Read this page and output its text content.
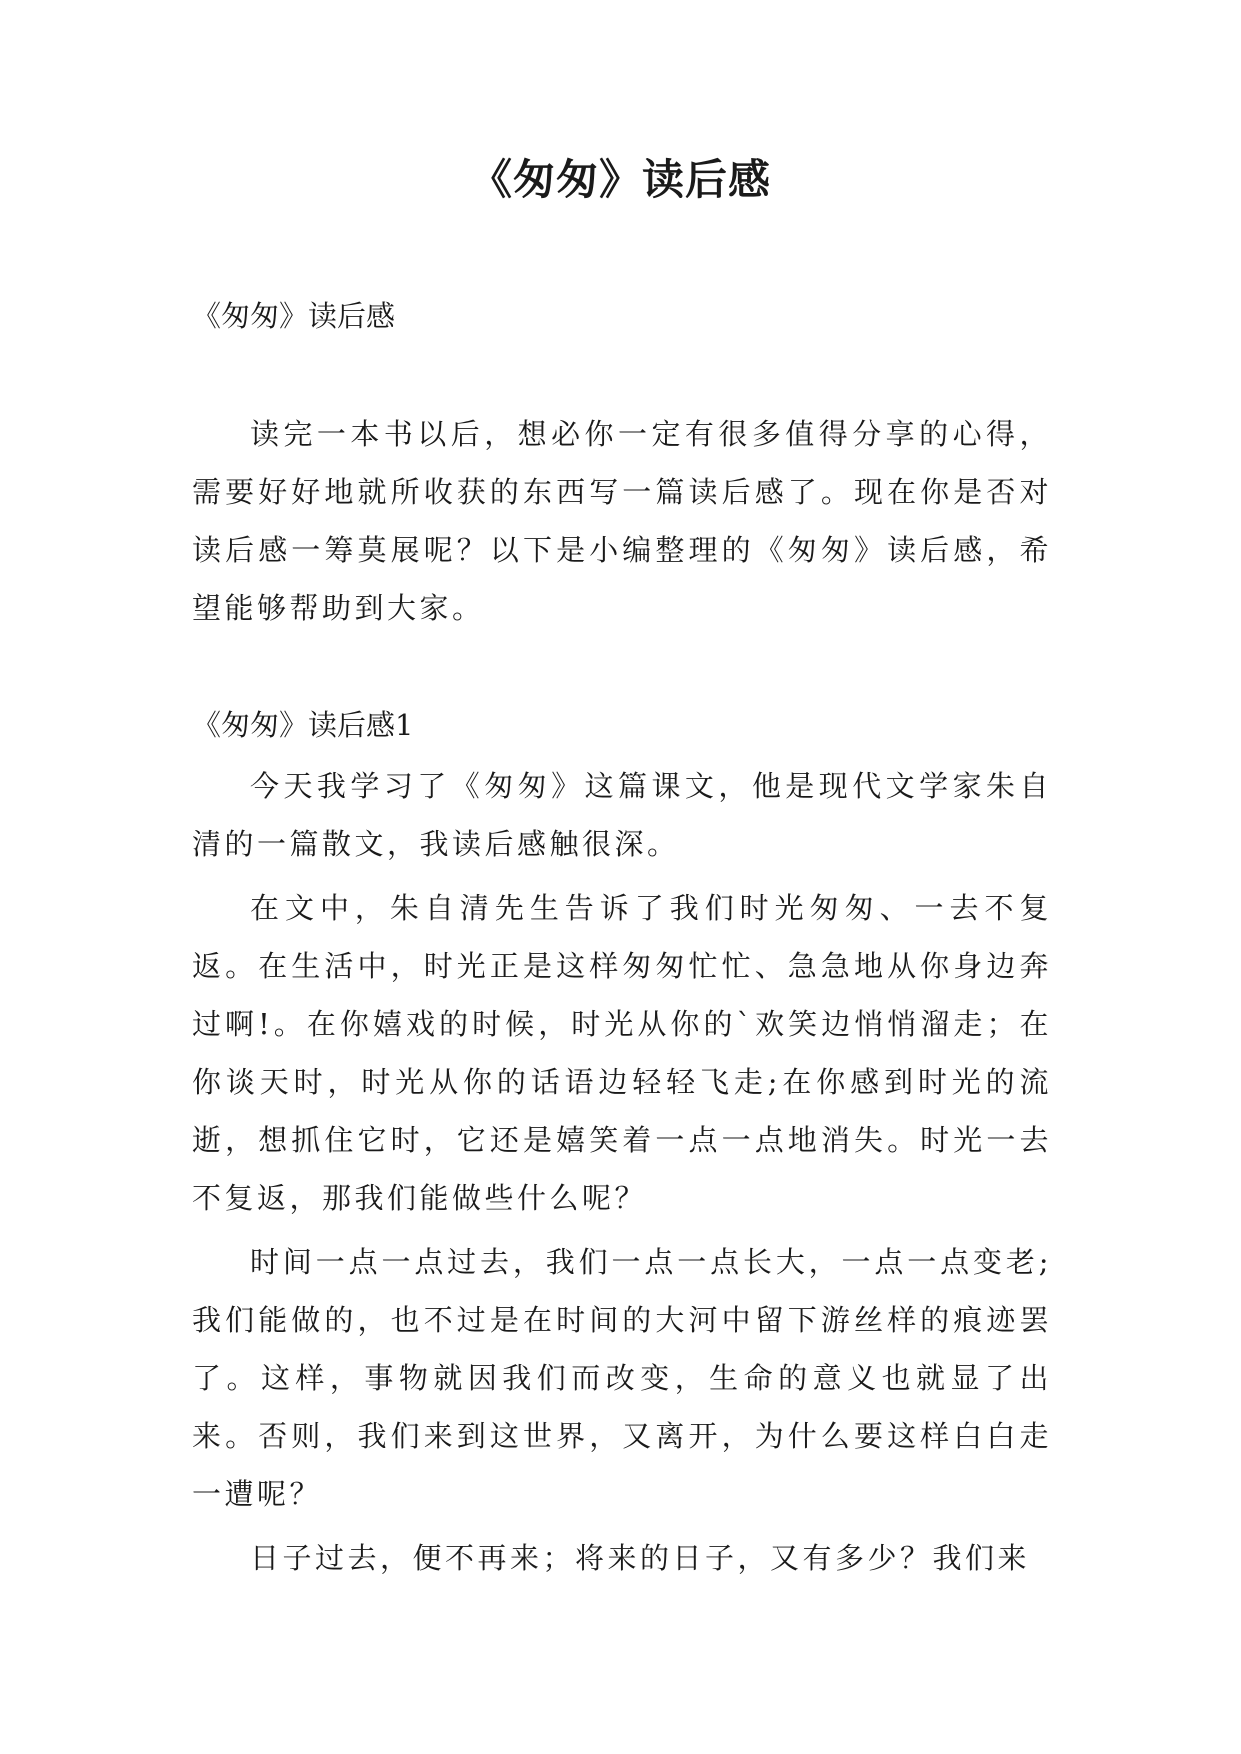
《匆匆》读后感
《匆匆》读后感

读完一本书以后，想必你一定有很多值得分享的心得，需要好好地就所收获的东西写一篇读后感了。现在你是否对读后感一筹莫展呢？以下是小编整理的《匆匆》读后感，希望能够帮助到大家。

《匆匆》读后感1

今天我学习了《匆匆》这篇课文，他是现代文学家朱自清的一篇散文，我读后感触很深。

在文中，朱自清先生告诉了我们时光匆匆、一去不复返。在生活中，时光正是这样匆匆忙忙、急急地从你身边奔过啊!。在你嬉戏的时候，时光从你的`欢笑边悄悄溜走；在你谈天时，时光从你的话语边轻轻飞走;在你感到时光的流逝，想抓住它时，它还是嬉笑着一点一点地消失。时光一去不复返，那我们能做些什么呢？

时间一点一点过去，我们一点一点长大，一点一点变老;我们能做的，也不过是在时间的大河中留下游丝样的痕迹罢了。这样，事物就因我们而改变，生命的意义也就显了出来。否则，我们来到这世界，又离开，为什么要这样白白走一遭呢？

日子过去，便不再来；将来的日子，又有多少？我们来
